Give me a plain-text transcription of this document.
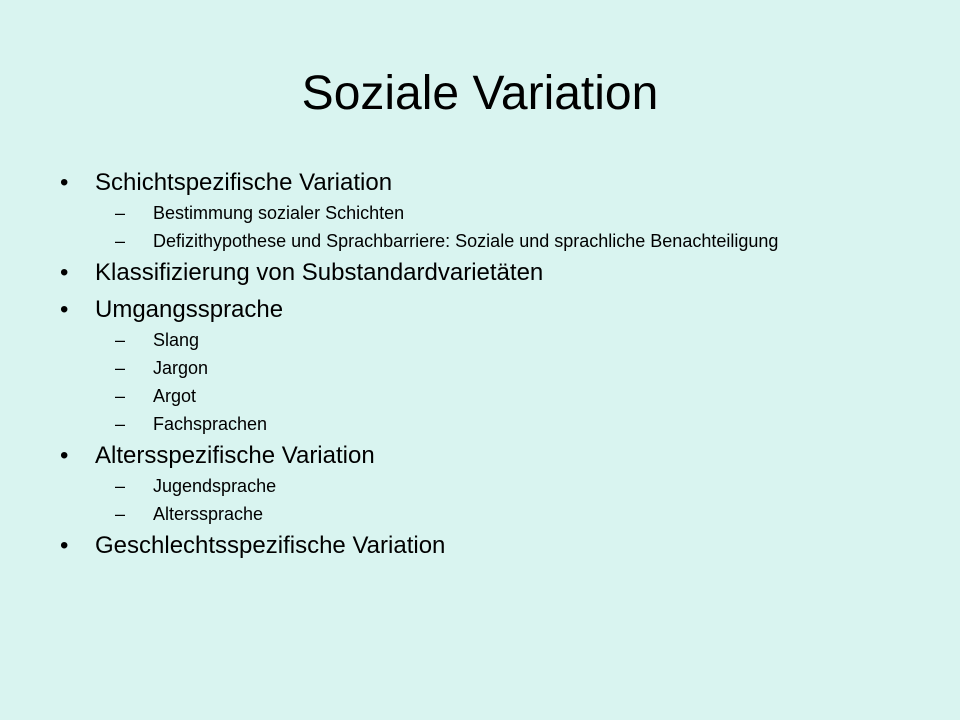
Soziale Variation
• Schichtspezifische Variation
– Bestimmung sozialer Schichten
– Defizithypothese und Sprachbarriere: Soziale und sprachliche Benachteiligung
• Klassifizierung von Substandardvarietäten
• Umgangssprache
– Slang
– Jargon
– Argot
– Fachsprachen
• Altersspezifische Variation
– Jugendsprache
– Alterssprache
• Geschlechtsspezifische Variation
